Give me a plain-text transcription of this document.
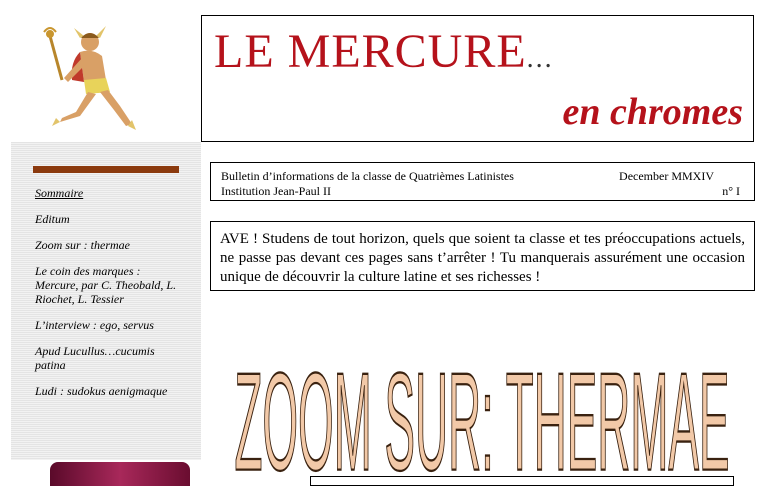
LE MERCURE...
en chromes
Sommaire
Editum
Zoom sur : thermae
Le coin des marques : Mercure, par C. Theobald, L. Riochet, L. Tessier
L’interview : ego, servus
Apud Lucullus…cucumis patina
Ludi : sudokus aenigmaque
Bulletin d’informations de la classe de Quatrièmes Latinistes
Institution Jean-Paul II
December MMXIV
n° I
AVE ! Studens de tout horizon, quels que soient ta classe et tes préoccupations actuels, ne passe pas devant ces pages sans t’arrêter ! Tu manquerais assurément une occasion unique de découvrir la culture latine et ses richesses !
ZOOM SUR: THERMAE
